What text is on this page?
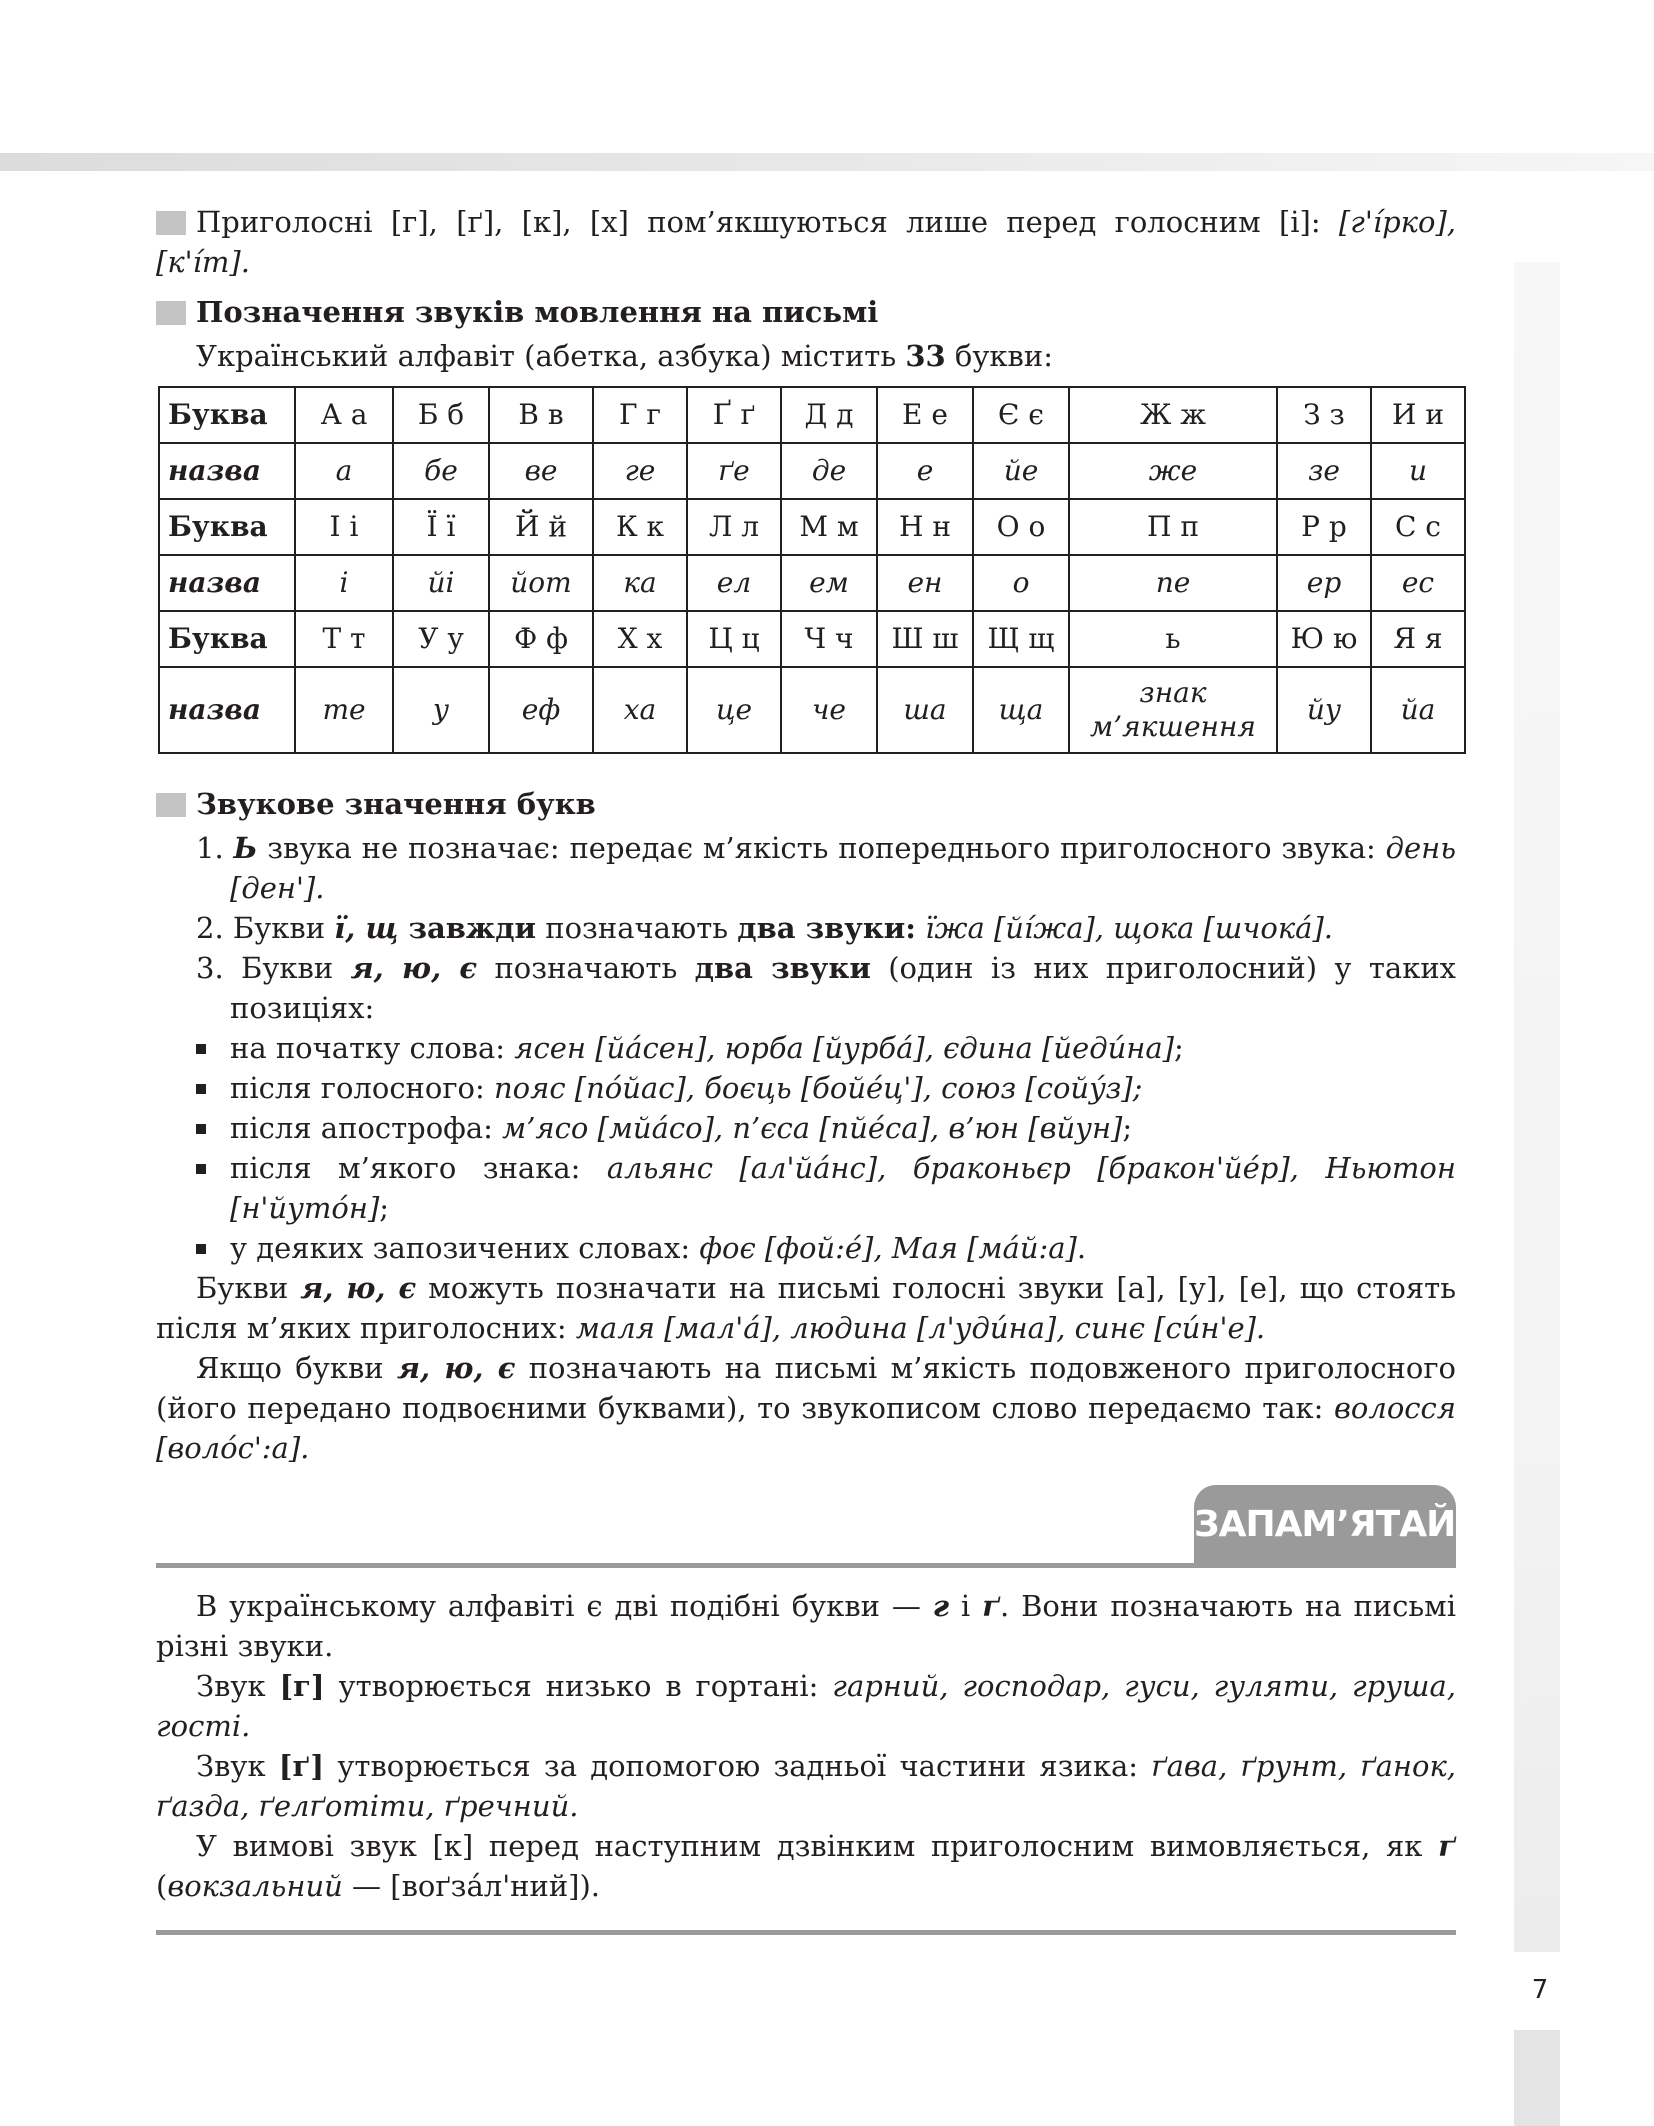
7

Приголосні [г], [ґ], [к], [х] пом’якшуються лише перед голосним [і]: [г'íрко], [к'íт].

Позначення звуків мовлення на письмі

Український алфавіт (абетка, азбука) містить 33 букви:

Буква	А а	Б б	В в	Г г	Ґ ґ	Д д	Е е	Є є	Ж ж	З з	И и
назва	а	бе	ве	ге	ґе	де	е	йе	же	зе	и
Буква	І і	Ї ї	Й й	К к	Л л	М м	Н н	О о	П п	Р р	С с
назва	і	йі	йот	ка	ел	ем	ен	о	пе	ер	ес
Буква	Т т	У у	Ф ф	Х х	Ц ц	Ч ч	Ш ш	Щ щ	ь	Ю ю	Я я
назва	те	у	еф	ха	це	че	ша	ща	знак м’якшення	йу	йа

Звукове значення букв

1. Ь звука не позначає: передає м’якість попереднього приголосного звука: день [ден'].
2. Букви ї, щ завжди позначають два звуки: їжа [йíжа], щока [шчокá].
3. Букви я, ю, є позначають два звуки (один із них приголосний) у таких позиціях:
на початку слова: ясен [йáсен], юрба [йурбá], єдина [йедúна];
після голосного: пояс [пóйас], боєць [бойéц'], союз [сойýз];
після апострофа: м’ясо [мйáсо], п’єса [пйéса], в’юн [вйун];
після м’якого знака: альянс [ал'йáнс], браконьєр [бракон'йéр], Ньютон [н'йутóн];
у деяких запозичених словах: фоє [фой:é], Мая [мáй:а].

Букви я, ю, є можуть позначати на письмі голосні звуки [а], [у], [е], що стоять після м’яких приголосних: маля [мал'á], людина [л'удúна], синє [сúн'е].

Якщо букви я, ю, є позначають на письмі м’якість подовженого приголосного (його передано подвоєними буквами), то звукописом слово передаємо так: волосся [волóс':а].

ЗАПАМ’ЯТАЙ!

В українському алфавіті є дві подібні букви — г і ґ. Вони позначають на письмі різні звуки.

Звук [г] утворюється низько в гортані: гарний, господар, гуси, гуляти, груша, гості.

Звук [ґ] утворюється за допомогою задньої частини язика: ґава, ґрунт, ґанок, ґазда, ґелґотіти, ґречний.

У вимові звук [к] перед наступним дзвінким приголосним вимовляється, як ґ (вокзальний — [воґзáл'ний]).
